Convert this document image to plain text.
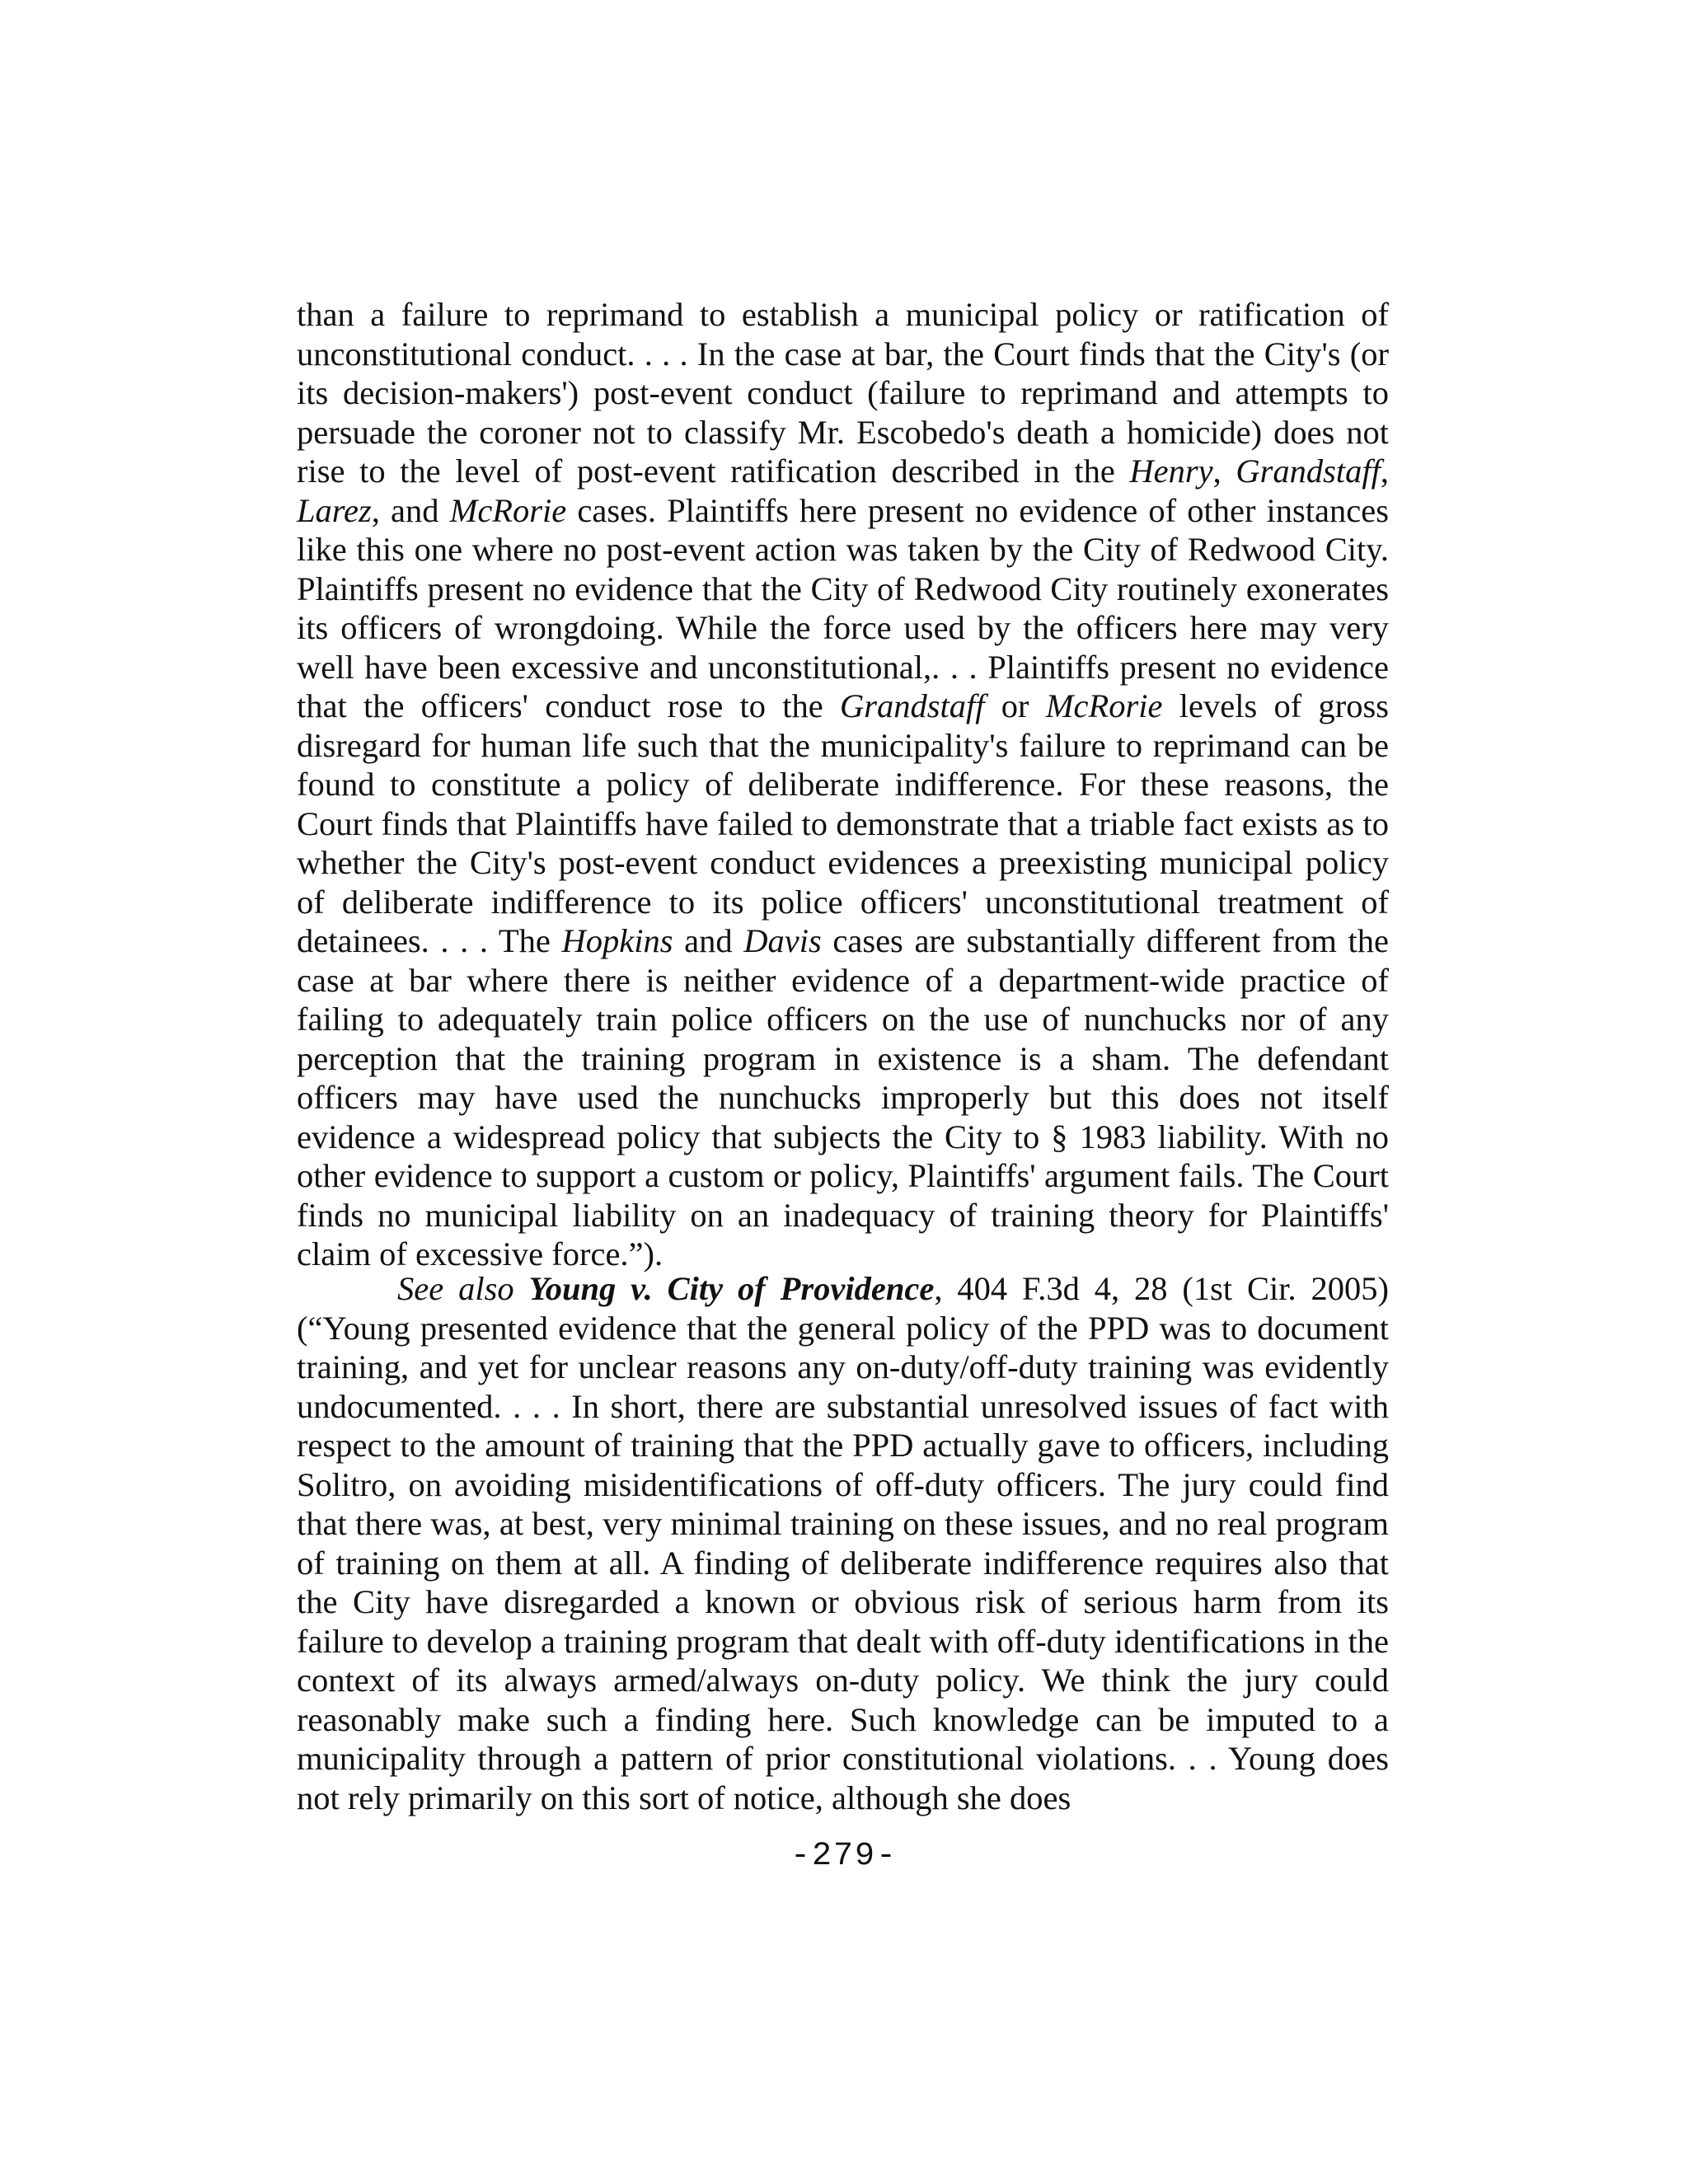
than a failure to reprimand to establish a municipal policy or ratification of unconstitutional conduct. . . . In the case at bar, the Court finds that the City's (or its decision-makers') post-event conduct (failure to reprimand and attempts to persuade the coroner not to classify Mr. Escobedo's death a homicide) does not rise to the level of post-event ratification described in the Henry, Grandstaff, Larez, and McRorie cases. Plaintiffs here present no evidence of other instances like this one where no post-event action was taken by the City of Redwood City. Plaintiffs present no evidence that the City of Redwood City routinely exonerates its officers of wrongdoing. While the force used by the officers here may very well have been excessive and unconstitutional,. . . Plaintiffs present no evidence that the officers' conduct rose to the Grandstaff or McRorie levels of gross disregard for human life such that the municipality's failure to reprimand can be found to constitute a policy of deliberate indifference. For these reasons, the Court finds that Plaintiffs have failed to demonstrate that a triable fact exists as to whether the City's post-event conduct evidences a preexisting municipal policy of deliberate indifference to its police officers' unconstitutional treatment of detainees. . . . The Hopkins and Davis cases are substantially different from the case at bar where there is neither evidence of a department-wide practice of failing to adequately train police officers on the use of nunchucks nor of any perception that the training program in existence is a sham. The defendant officers may have used the nunchucks improperly but this does not itself evidence a widespread policy that subjects the City to § 1983 liability. With no other evidence to support a custom or policy, Plaintiffs' argument fails. The Court finds no municipal liability on an inadequacy of training theory for Plaintiffs' claim of excessive force.”).
See also Young v. City of Providence, 404 F.3d 4, 28 (1st Cir. 2005) (“Young presented evidence that the general policy of the PPD was to document training, and yet for unclear reasons any on-duty/off-duty training was evidently undocumented. . . . In short, there are substantial unresolved issues of fact with respect to the amount of training that the PPD actually gave to officers, including Solitro, on avoiding misidentifications of off-duty officers. The jury could find that there was, at best, very minimal training on these issues, and no real program of training on them at all. A finding of deliberate indifference requires also that the City have disregarded a known or obvious risk of serious harm from its failure to develop a training program that dealt with off-duty identifications in the context of its always armed/always on-duty policy. We think the jury could reasonably make such a finding here. Such knowledge can be imputed to a municipality through a pattern of prior constitutional violations. . . Young does not rely primarily on this sort of notice, although she does
-279-
